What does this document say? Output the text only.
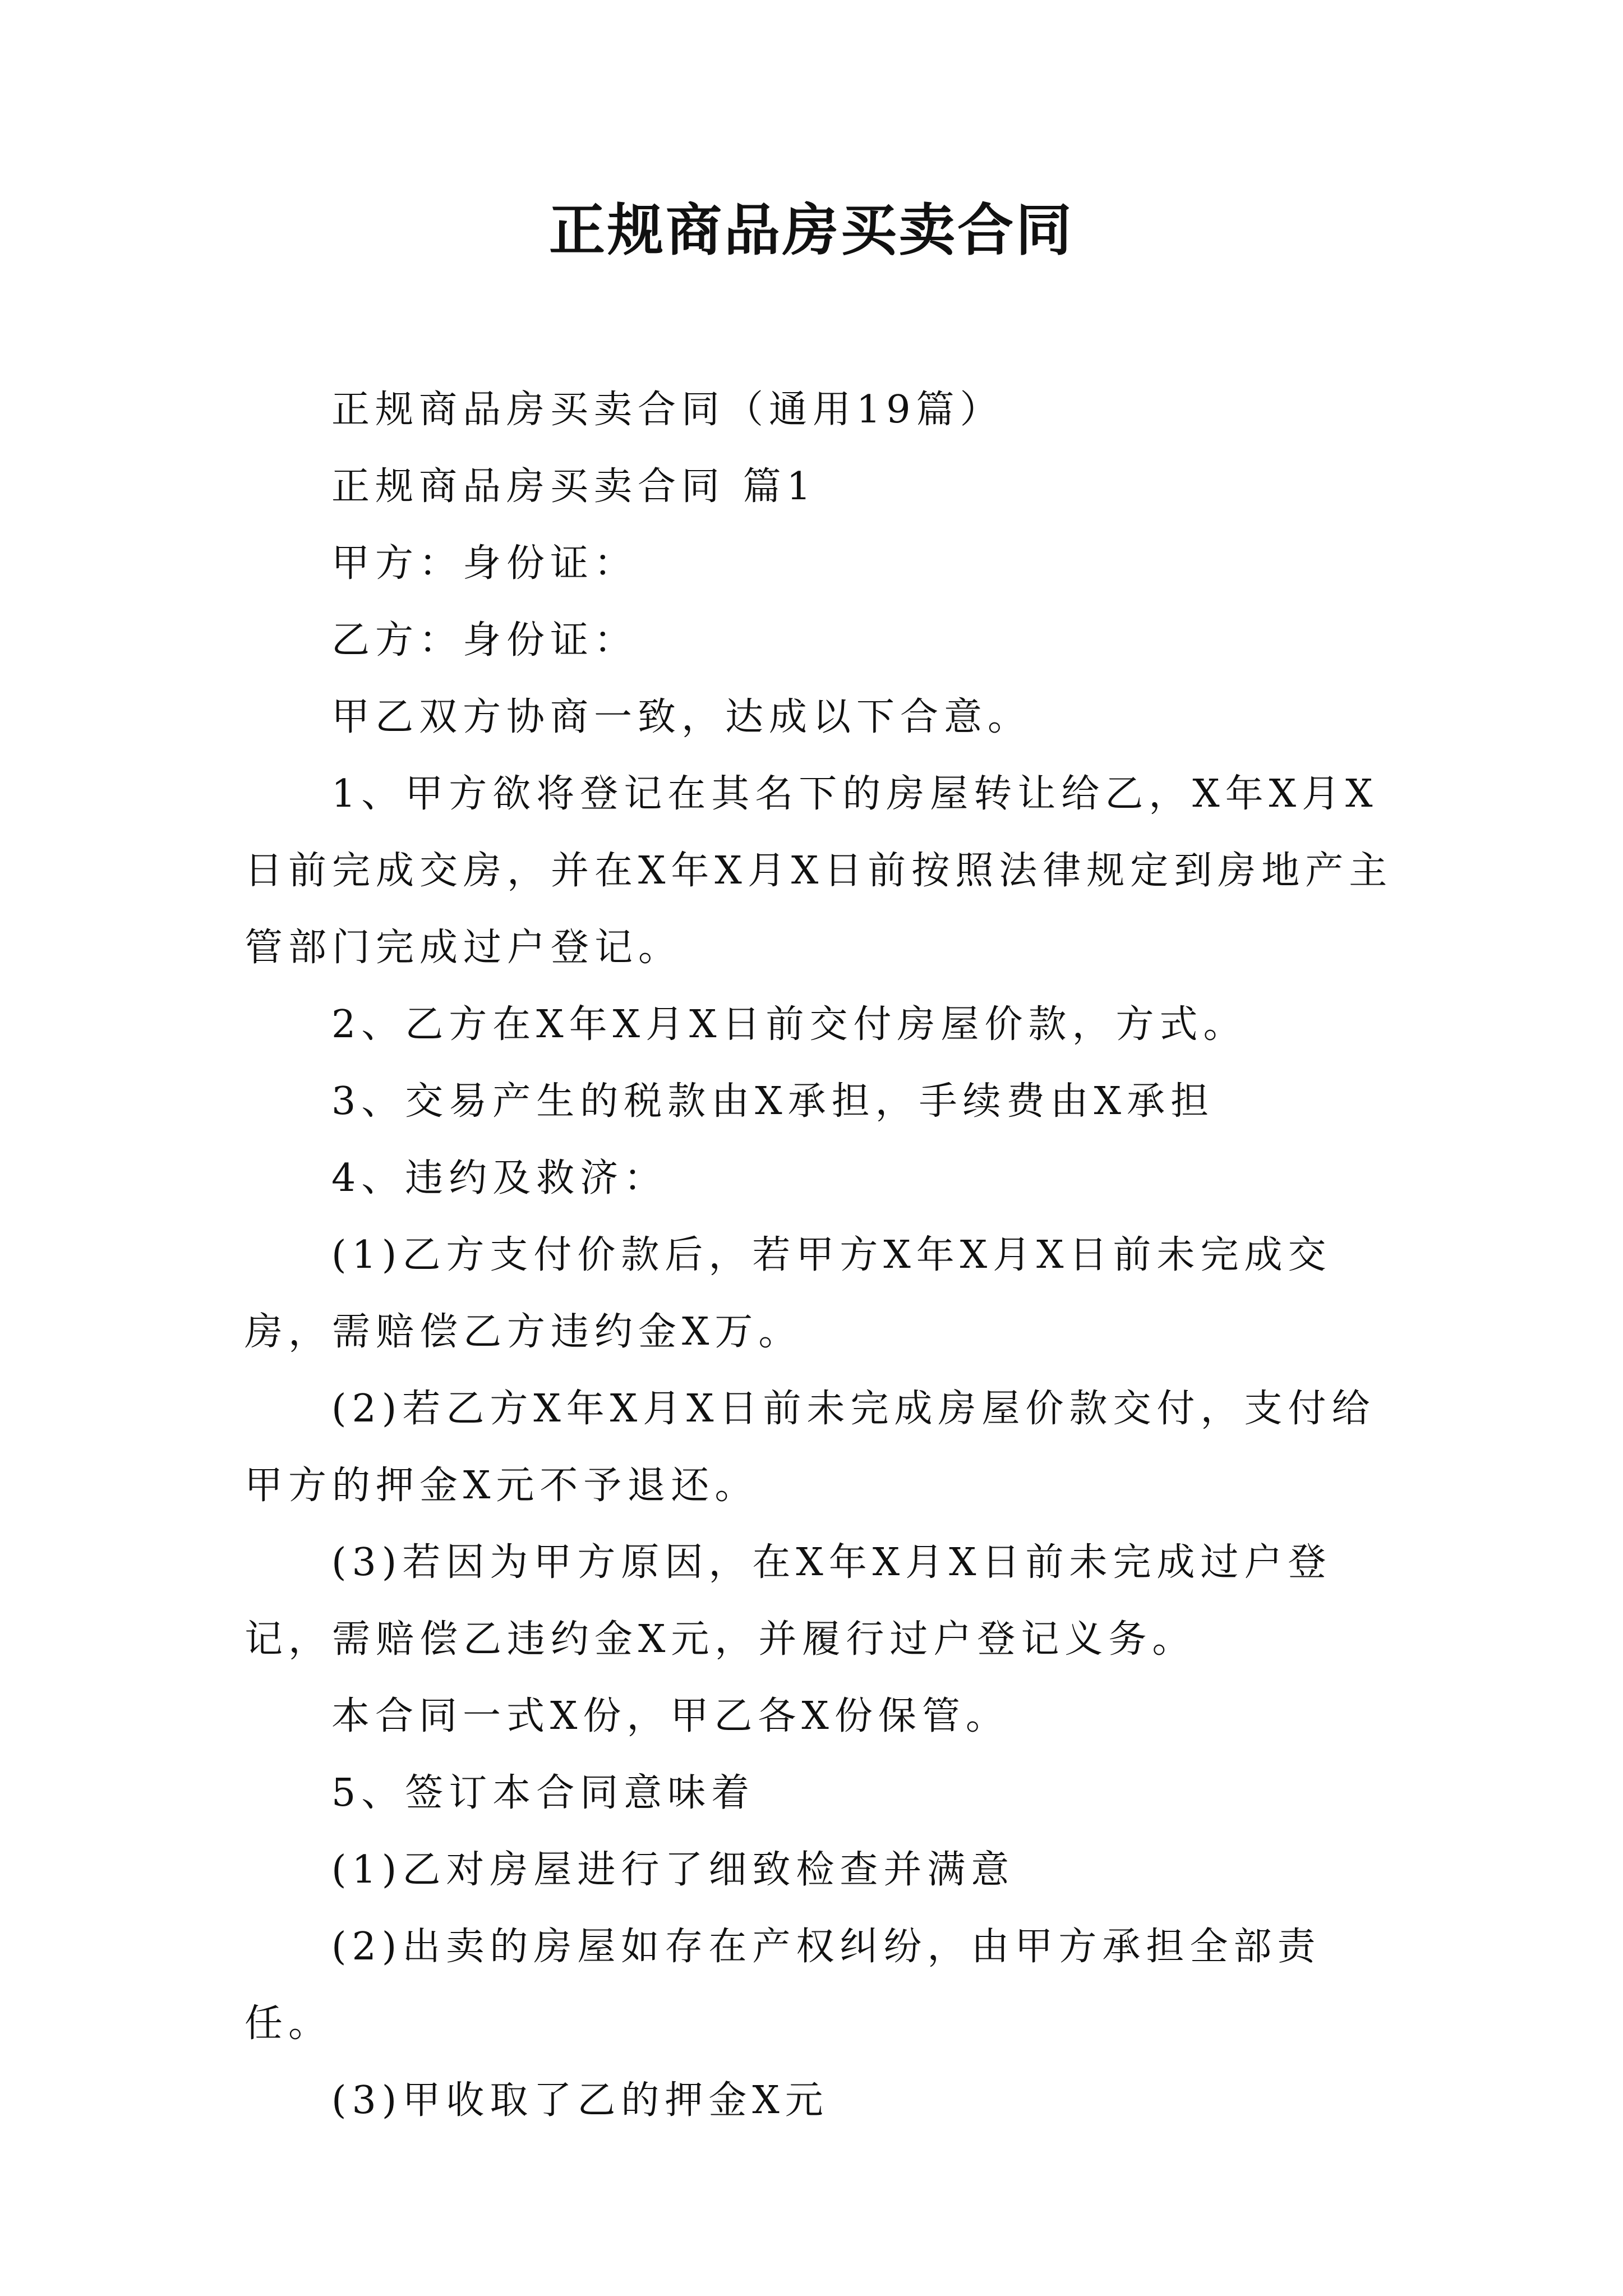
正规商品房买卖合同

正规商品房买卖合同（通用19篇）

正规商品房买卖合同 篇1

甲方：身份证：

乙方：身份证：

甲乙双方协商一致，达成以下合意。

1、甲方欲将登记在其名下的房屋转让给乙，X年X月X日前完成交房，并在X年X月X日前按照法律规定到房地产主管部门完成过户登记。

2、乙方在X年X月X日前交付房屋价款，方式。

3、交易产生的税款由X承担，手续费由X承担

4、违约及救济：

(1)乙方支付价款后，若甲方X年X月X日前未完成交房，需赔偿乙方违约金X万。

(2)若乙方X年X月X日前未完成房屋价款交付，支付给甲方的押金X元不予退还。

(3)若因为甲方原因，在X年X月X日前未完成过户登记，需赔偿乙违约金X元，并履行过户登记义务。

本合同一式X份，甲乙各X份保管。

5、签订本合同意味着

(1)乙对房屋进行了细致检查并满意

(2)出卖的房屋如存在产权纠纷，由甲方承担全部责任。

(3)甲收取了乙的押金X元
